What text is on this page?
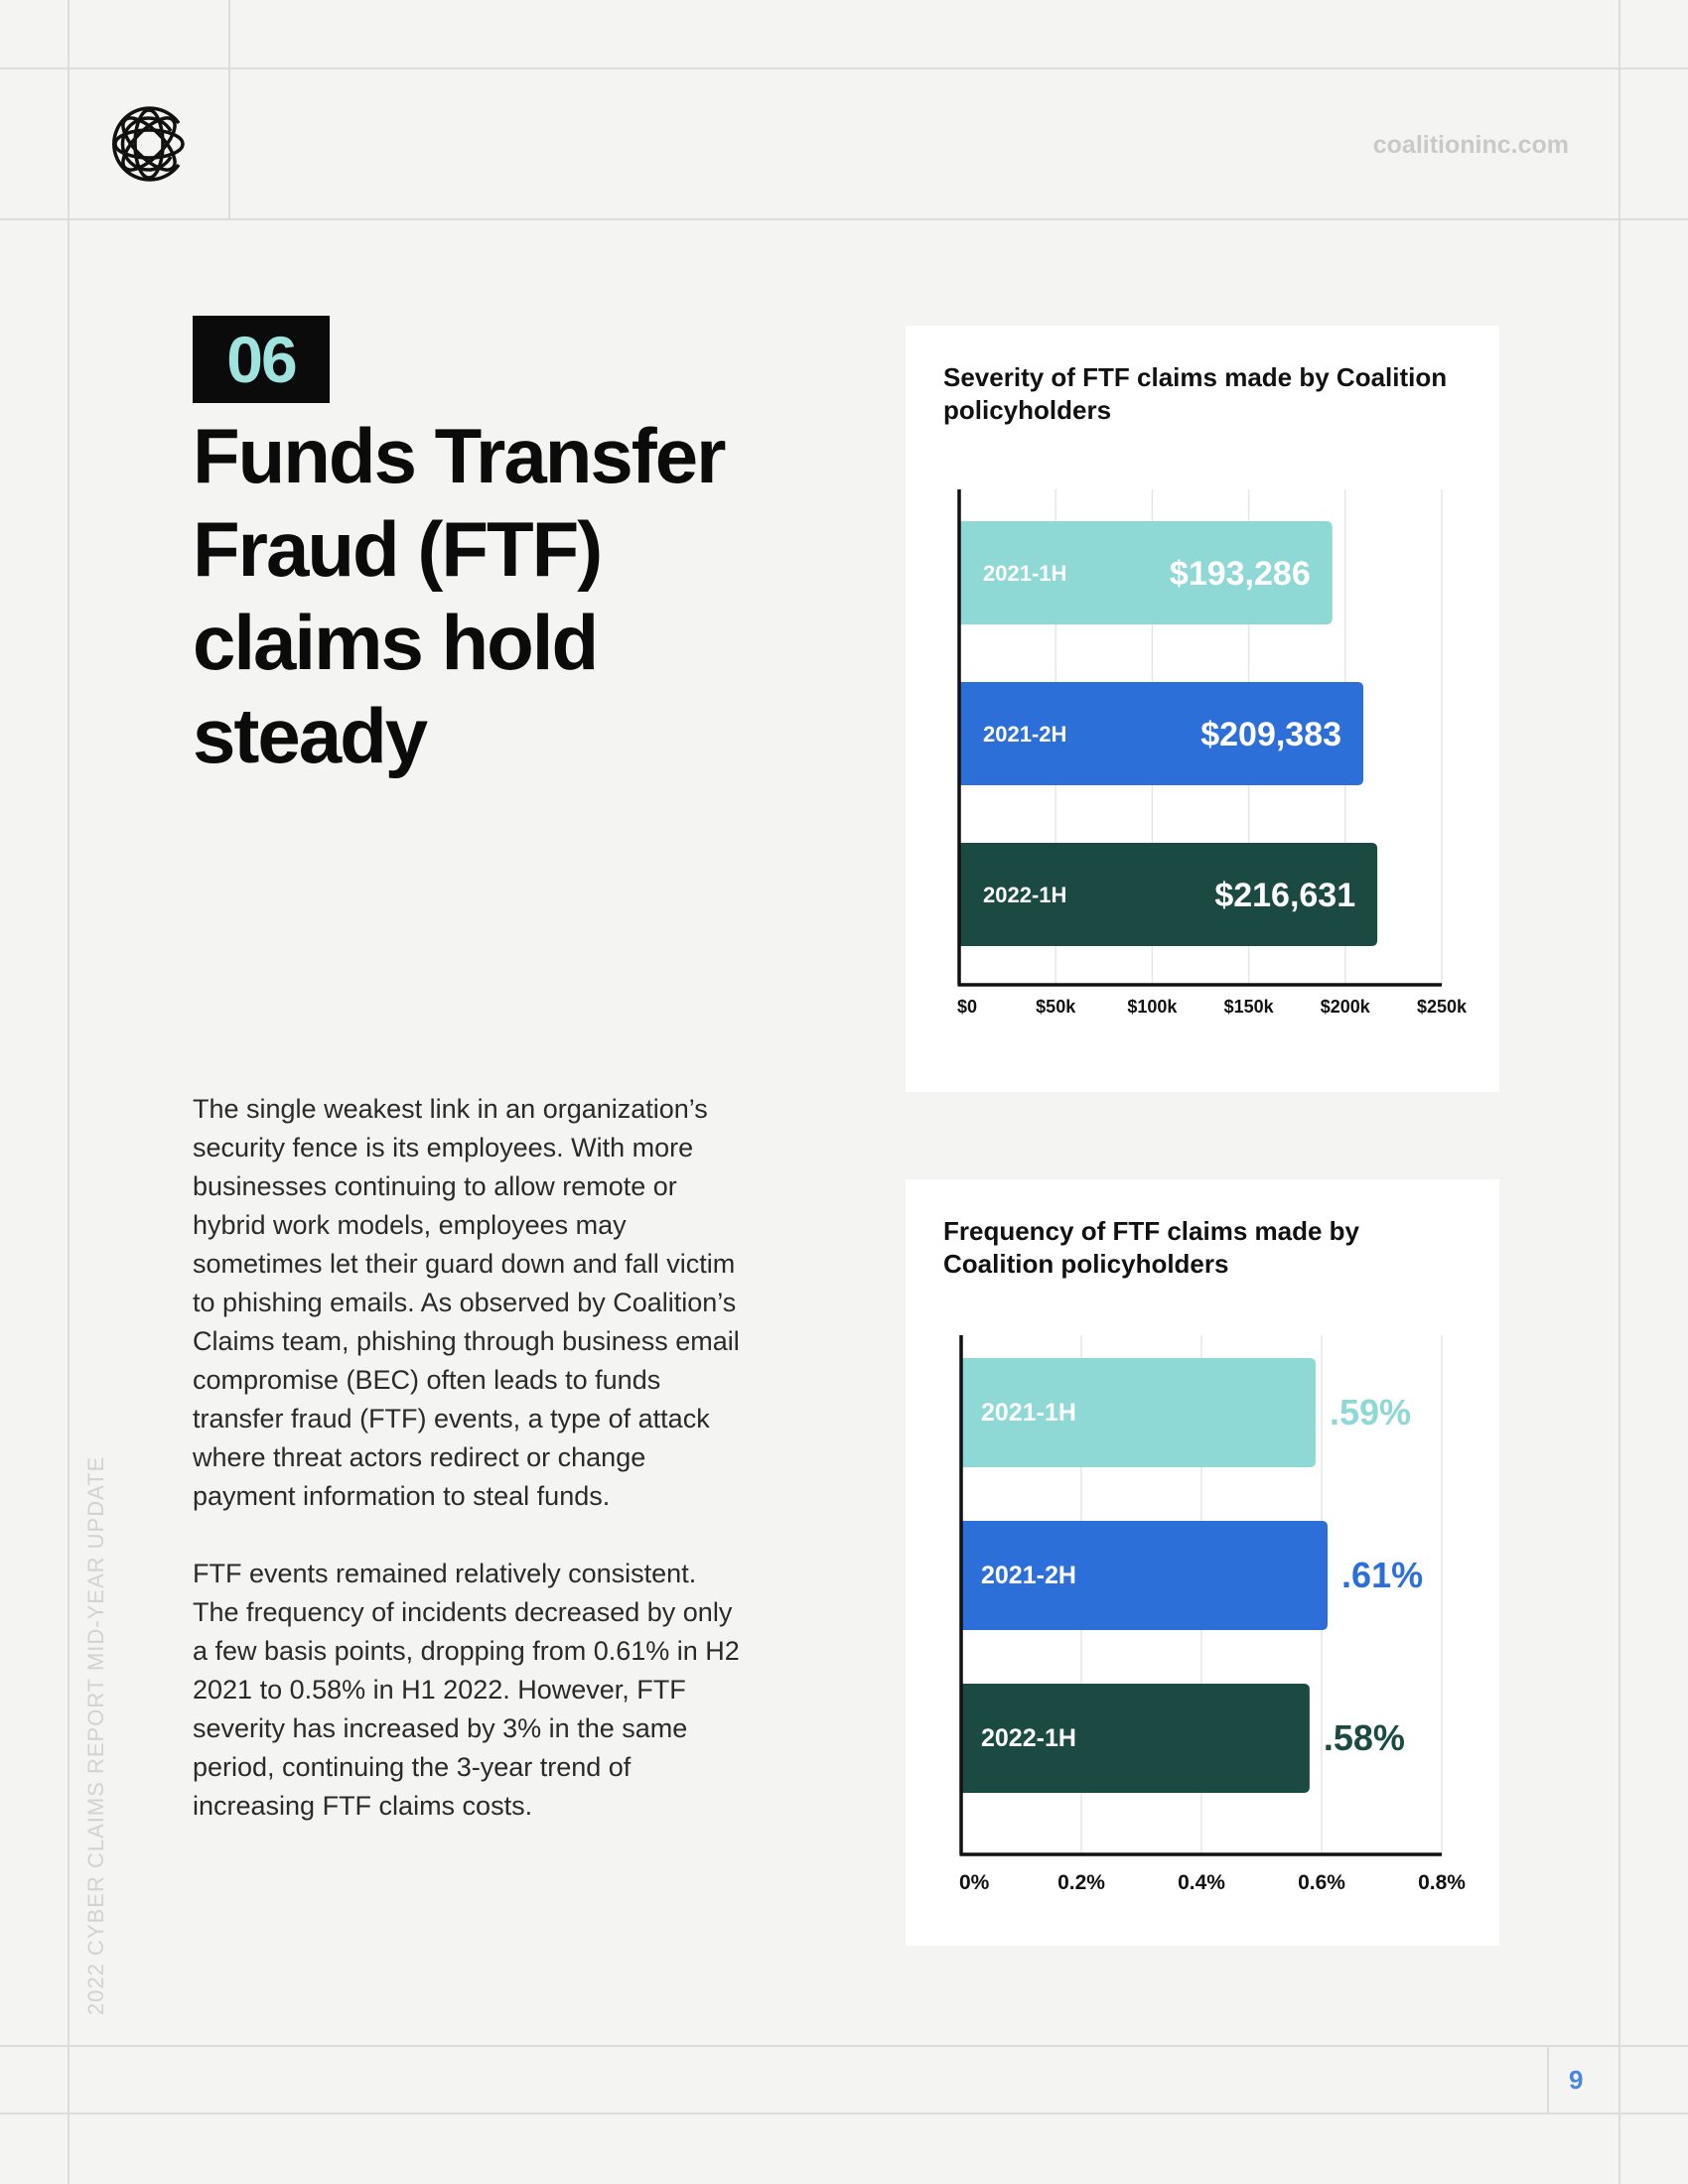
coalitioninc.com
2022 CYBER CLAIMS REPORT MID-YEAR UPDATE
06
Funds Transfer Fraud (FTF) claims hold steady

The single weakest link in an organization’s security fence is its employees. With more businesses continuing to allow remote or hybrid work models, employees may sometimes let their guard down and fall victim to phishing emails. As observed by Coalition’s Claims team, phishing through business email compromise (BEC) often leads to funds transfer fraud (FTF) events, a type of attack where threat actors redirect or change payment information to steal funds.

FTF events remained relatively consistent. The frequency of incidents decreased by only a few basis points, dropping from 0.61% in H2 2021 to 0.58% in H1 2022. However, FTF severity has increased by 3% in the same period, continuing the 3-year trend of increasing FTF claims costs.

Severity of FTF claims made by Coalition policyholders
2021-1H	$193,286
2021-2H	$209,383
2022-1H	$216,631
$0	$50k	$100k	$150k	$200k	$250k
Frequency of FTF claims made by Coalition policyholders
2021-1H	.59%
2021-2H	.61%
2022-1H	.58%
0%	0.2%	0.4%	0.6%	0.8%
9
